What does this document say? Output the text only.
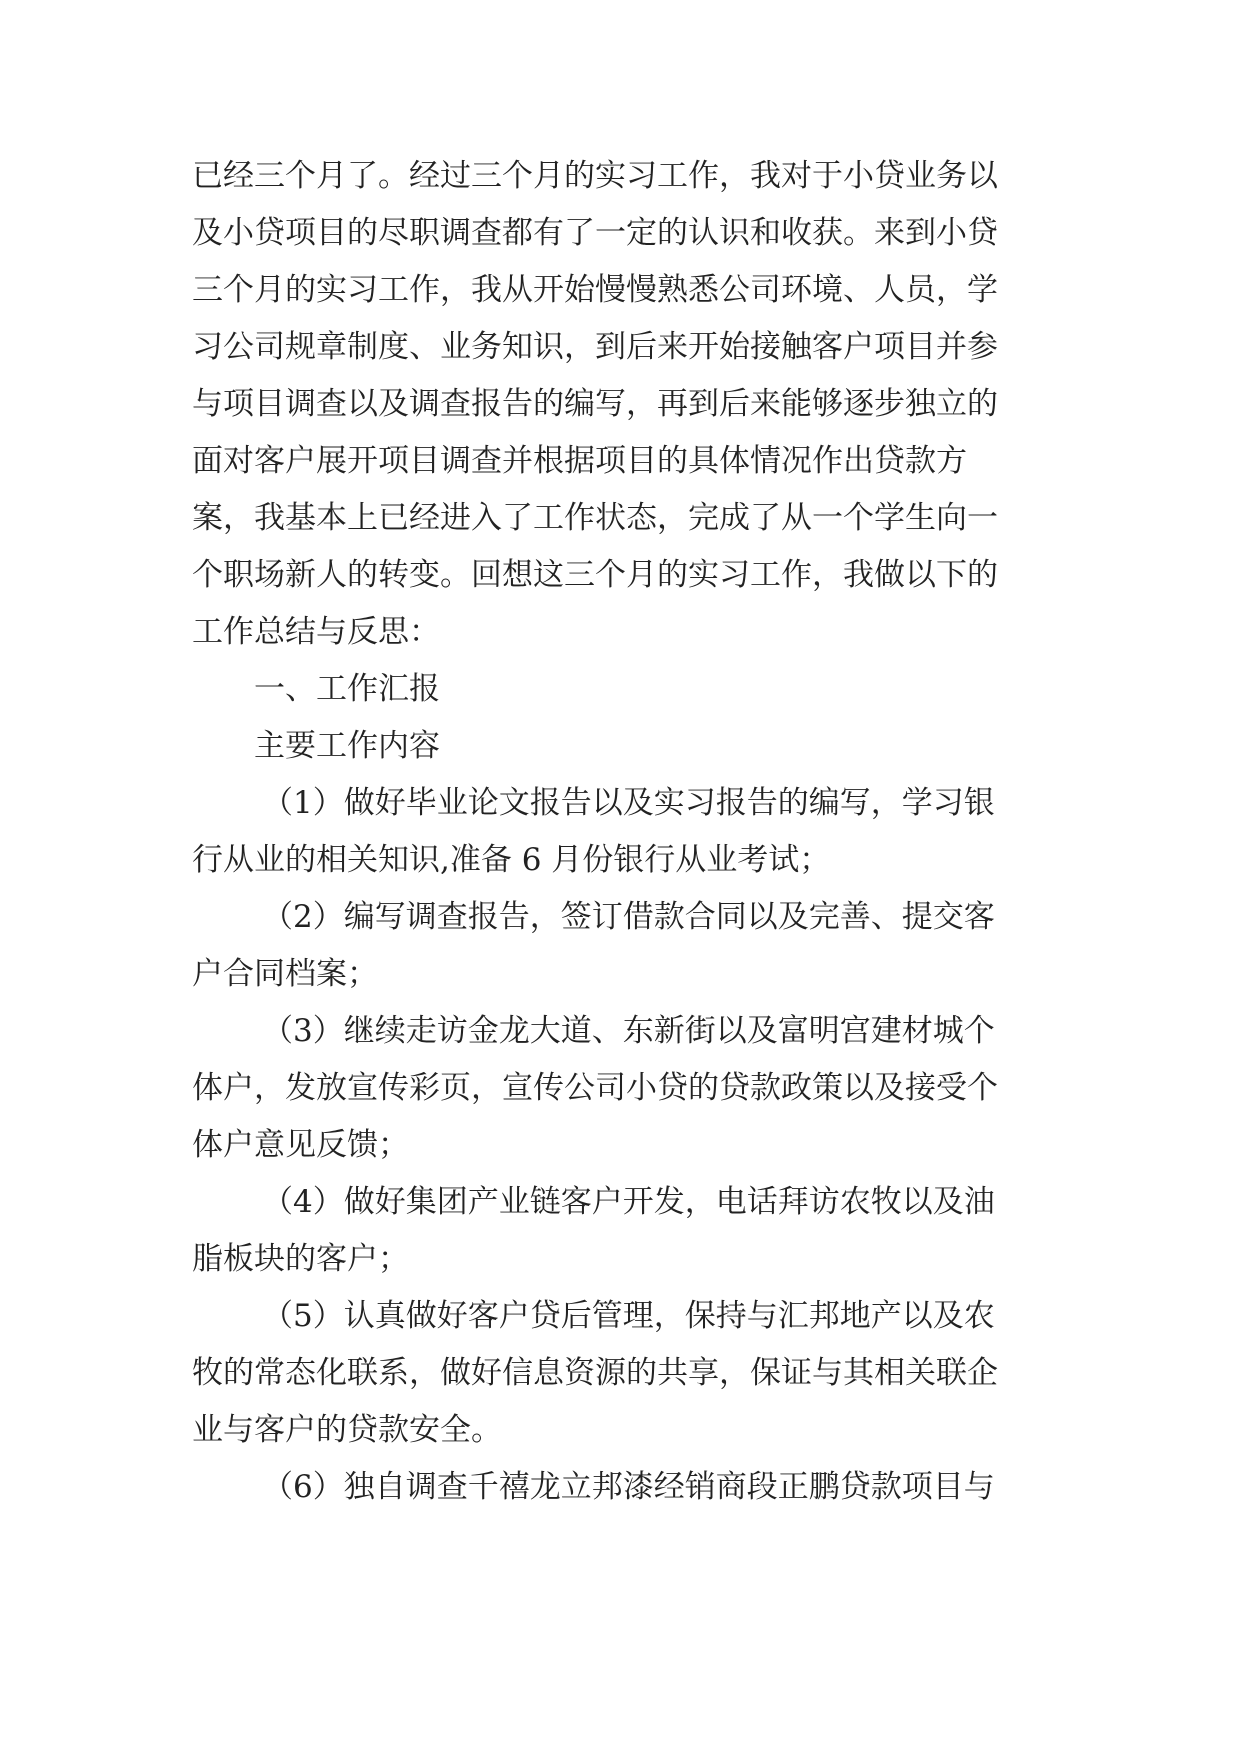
已经三个月了。经过三个月的实习工作，我对于小贷业务以
及小贷项目的尽职调查都有了一定的认识和收获。来到小贷
三个月的实习工作，我从开始慢慢熟悉公司环境、人员，学
习公司规章制度、业务知识，到后来开始接触客户项目并参
与项目调查以及调查报告的编写，再到后来能够逐步独立的
面对客户展开项目调查并根据项目的具体情况作出贷款方
案，我基本上已经进入了工作状态，完成了从一个学生向一
个职场新人的转变。回想这三个月的实习工作，我做以下的
工作总结与反思：
一、工作汇报
主要工作内容
（1）做好毕业论文报告以及实习报告的编写，学习银
行从业的相关知识,准备 6 月份银行从业考试；
（2）编写调查报告，签订借款合同以及完善、提交客
户合同档案；
（3）继续走访金龙大道、东新街以及富明宫建材城个
体户，发放宣传彩页，宣传公司小贷的贷款政策以及接受个
体户意见反馈；
（4）做好集团产业链客户开发，电话拜访农牧以及油
脂板块的客户；
（5）认真做好客户贷后管理，保持与汇邦地产以及农
牧的常态化联系，做好信息资源的共享，保证与其相关联企
业与客户的贷款安全。
（6）独自调查千禧龙立邦漆经销商段正鹏贷款项目与
